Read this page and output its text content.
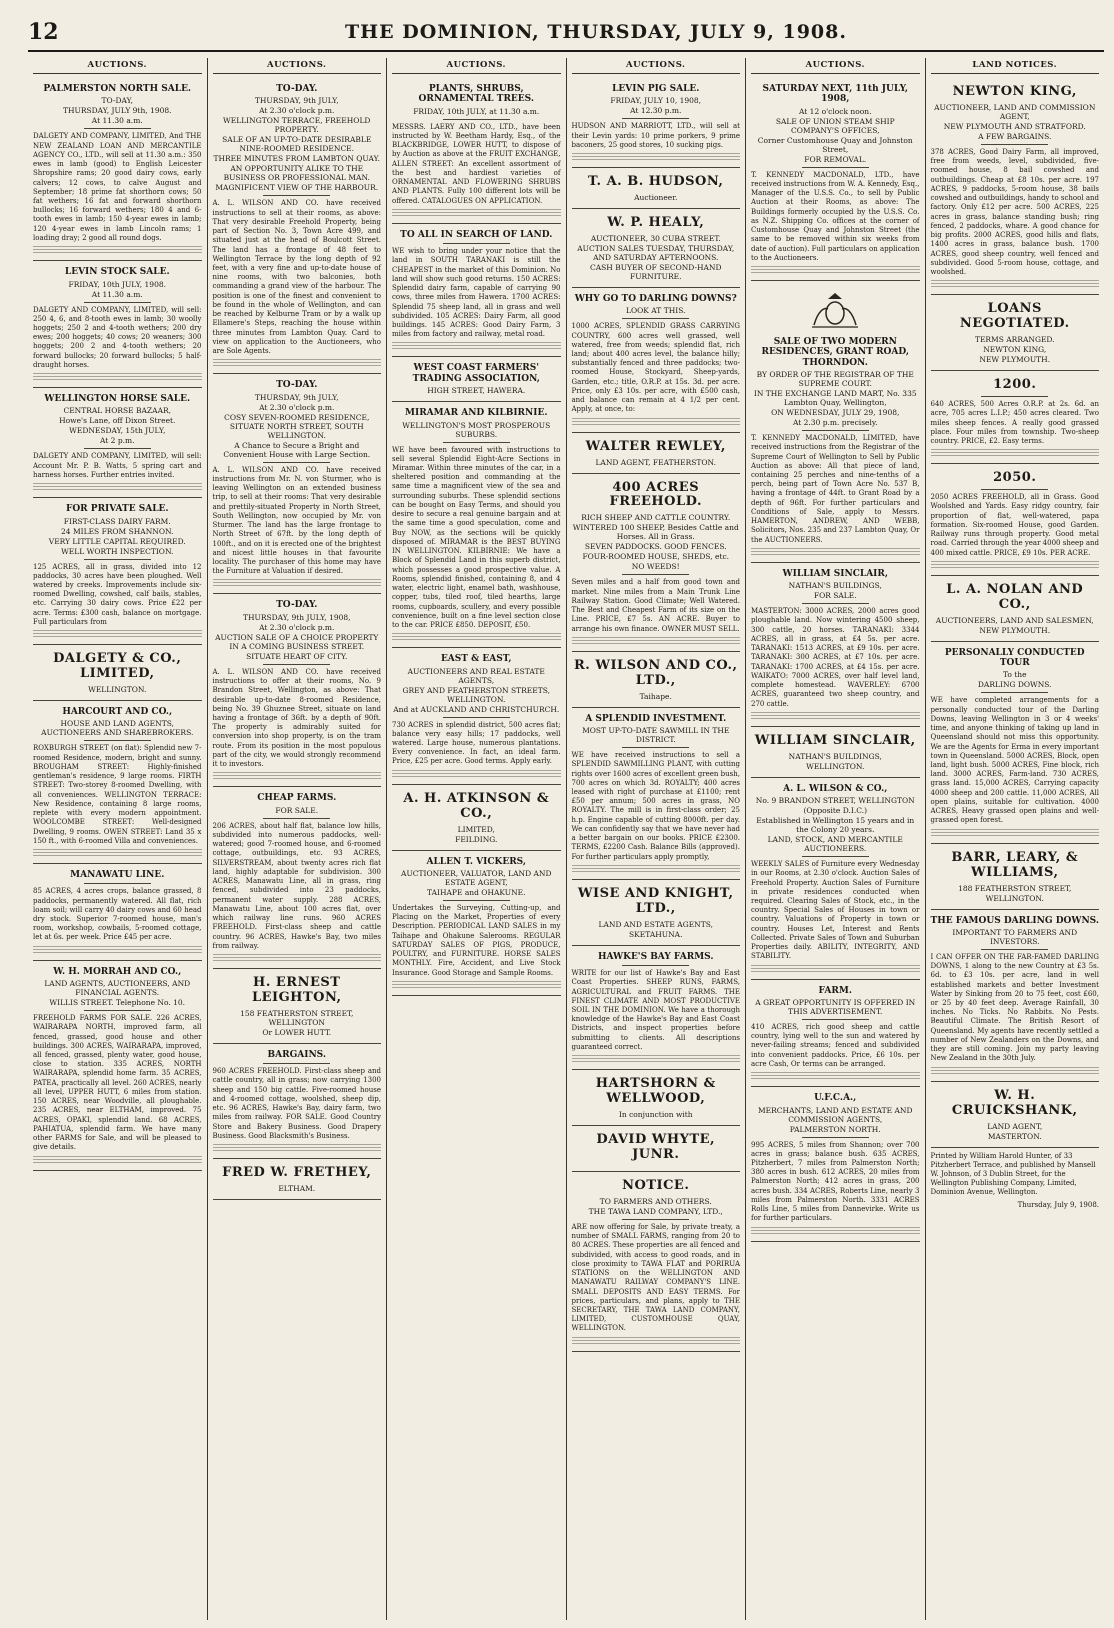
12	THE DOMINION, THURSDAY, JULY 9, 1908.
AUCTIONS.
PALMERSTON NORTH SALE.
TO-DAY,
THURSDAY, JULY 9th, 1908.
At 11.30 a.m.

DALGETY AND COMPANY, LIMITED, And THE NEW ZEALAND LOAN AND MERCANTILE AGENCY CO., LTD., will sell at 11.30 a.m.: 350 ewes in lamb (good) to English Leicester Shropshire rams; 20 good dairy cows, early calvers; 12 cows, to calve August and September; 18 prime fat shorthorn cows; 50 fat wethers; 16 fat and forward shorthorn bullocks; 16 forward wethers; 180 4 and 6-tooth ewes in lamb; 150 4-year ewes in lamb; 120 4-year ewes in lamb Lincoln rams; 1 loading dray; 2 good all round dogs.

LEVIN STOCK SALE.
FRIDAY, 10th JULY, 1908.
At 11.30 a.m.

DALGETY AND COMPANY, LIMITED, will sell: 250 4, 6, and 8-tooth ewes in lamb; 30 woolly hoggets; 250 2 and 4-tooth wethers; 200 dry ewes; 200 hoggets; 40 cows; 20 weaners; 300 hoggets; 200 2 and 4-tooth wethers; 20 forward bullocks; 20 forward bullocks; 5 half-draught horses.

WELLINGTON HORSE SALE.
CENTRAL HORSE BAZAAR,
Howe's Lane, off Dixon Street.
WEDNESDAY, 15th JULY,
At 2 p.m.

DALGETY AND COMPANY, LIMITED, will sell: Account Mr. P. B. Watts, 5 spring cart and harness horses. Further entries invited.

FOR PRIVATE SALE.
FIRST-CLASS DAIRY FARM.
24 MILES FROM SHANNON.
VERY LITTLE CAPITAL REQUIRED.
WELL WORTH INSPECTION.

125 ACRES, all in grass, divided into 12 paddocks, 30 acres have been ploughed. Well watered by creeks. Improvements include six-roomed Dwelling, cowshed, calf bails, stables, etc. Carrying 30 dairy cows. Price £22 per acre. Terms: £300 cash, balance on mortgage. Full particulars from

DALGETY & CO., LIMITED,
WELLINGTON.
HARCOURT AND CO.,
HOUSE AND LAND AGENTS, AUCTIONEERS AND SHAREBROKERS.

ROXBURGH STREET (on flat): Splendid new 7-roomed Residence, modern, bright and sunny. BROUGHAM STREET: Highly-finished gentleman's residence, 9 large rooms. FIRTH STREET: Two-storey 8-roomed Dwelling, with all conveniences. WELLINGTON TERRACE: New Residence, containing 8 large rooms, replete with every modern appointment. WOOLCOMBE STREET: Well-designed Dwelling, 9 rooms. OWEN STREET: Land 35 x 150 ft., with 6-roomed Villa and conveniences.

MANAWATU LINE.

85 ACRES, 4 acres crops, balance grassed, 8 paddocks, permanently watered. All flat, rich loam soil; will carry 40 dairy cows and 60 head dry stock. Superior 7-roomed house, man's room, workshop, cowbails, 5-roomed cottage, let at 6s. per week. Price £45 per acre.

W. H. MORRAH AND CO.,
LAND AGENTS, AUCTIONEERS, AND FINANCIAL AGENTS.
WILLIS STREET. Telephone No. 10.

FREEHOLD FARMS FOR SALE. 226 ACRES, WAIRARAPA NORTH, improved farm, all fenced, grassed, good house and other buildings. 300 ACRES, WAIRARAPA, improved, all fenced, grassed, plenty water, good house, close to station. 335 ACRES, NORTH WAIRARAPA, splendid home farm. 35 ACRES, PATEA, practically all level. 260 ACRES, nearly all level, UPPER HUTT, 6 miles from station. 150 ACRES, near Woodville, all ploughable. 235 ACRES, near ELTHAM, improved. 75 ACRES, OPAKI, splendid land. 68 ACRES, PAHIATUA, splendid farm. We have many other FARMS for Sale, and will be pleased to give details.

AUCTIONS.
TO-DAY.
THURSDAY, 9th JULY,
At 2.30 o'clock p.m.
WELLINGTON TERRACE, FREEHOLD PROPERTY.
SALE OF AN UP-TO-DATE DESIRABLE NINE-ROOMED RESIDENCE.
THREE MINUTES FROM LAMBTON QUAY.
AN OPPORTUNITY ALIKE TO THE BUSINESS OR PROFESSIONAL MAN.
MAGNIFICENT VIEW OF THE HARBOUR.

A. L. WILSON AND CO. have received instructions to sell at their rooms, as above: That very desirable Freehold Property, being part of Section No. 3, Town Acre 499, and situated just at the head of Boulcott Street. The land has a frontage of 48 feet to Wellington Terrace by the long depth of 92 feet, with a very fine and up-to-date house of nine rooms, with two balconies, both commanding a grand view of the harbour. The position is one of the finest and convenient to be found in the whole of Wellington, and can be reached by Kelburne Tram or by a walk up Ellamere's Steps, reaching the house within three minutes from Lambton Quay. Card to view on application to the Auctioneers, who are Sole Agents.

TO-DAY.
THURSDAY, 9th JULY,
At 2.30 o'clock p.m.
COSY SEVEN-ROOMED RESIDENCE, SITUATE NORTH STREET, SOUTH WELLINGTON.
A Chance to Secure a Bright and Convenient House with Large Section.

A. L. WILSON AND CO. have received instructions from Mr. N. von Sturmer, who is leaving Wellington on an extended business trip, to sell at their rooms: That very desirable and prettily-situated Property in North Street, South Wellington, now occupied by Mr. von Sturmer. The land has the large frontage to North Street of 67ft. by the long depth of 100ft., and on it is erected one of the brightest and nicest little houses in that favourite locality. The purchaser of this home may have the Furniture at Valuation if desired.

TO-DAY.
THURSDAY, 9th JULY, 1908,
At 2.30 o'clock p.m.
AUCTION SALE OF A CHOICE PROPERTY IN A COMING BUSINESS STREET.
SITUATE HEART OF CITY.

A. L. WILSON AND CO. have received instructions to offer at their rooms, No. 9 Brandon Street, Wellington, as above: That desirable up-to-date 8-roomed Residence, being No. 39 Ghuznee Street, situate on land having a frontage of 36ft. by a depth of 90ft. The property is admirably suited for conversion into shop property, is on the tram route. From its position in the most populous part of the city, we would strongly recommend it to investors.

CHEAP FARMS.
FOR SALE.

206 ACRES, about half flat, balance low hills, subdivided into numerous paddocks, well-watered; good 7-roomed house, and 6-roomed cottage, outbuildings, etc. 93 ACRES, SILVERSTREAM, about twenty acres rich flat land, highly adaptable for subdivision. 300 ACRES, Manawatu Line, all in grass, ring fenced, subdivided into 23 paddocks, permanent water supply. 288 ACRES, Manawatu Line, about 100 acres flat, over which railway line runs. 960 ACRES FREEHOLD. First-class sheep and cattle country. 96 ACRES, Hawke's Bay, two miles from railway.

H. ERNEST LEIGHTON,
158 FEATHERSTON STREET, WELLINGTON
Or LOWER HUTT.
BARGAINS.

960 ACRES FREEHOLD. First-class sheep and cattle country, all in grass; now carrying 1300 sheep and 150 big cattle. Five-roomed house and 4-roomed cottage, woolshed, sheep dip, etc. 96 ACRES, Hawke's Bay, dairy farm, two miles from railway. FOR SALE. Good Country Store and Bakery Business. Good Drapery Business. Good Blacksmith's Business.

FRED W. FRETHEY,
ELTHAM.
AUCTIONS.
PLANTS, SHRUBS, ORNAMENTAL TREES.
FRIDAY, 10th JULY, at 11.30 a.m.

MESSRS. LAERY AND CO., LTD., have been instructed by W. Beetham Hardy, Esq., of the BLACKBRIDGE, LOWER HUTT, to dispose of by Auction as above at the FRUIT EXCHANGE, ALLEN STREET: An excellent assortment of the best and hardiest varieties of ORNAMENTAL AND FLOWERING SHRUBS AND PLANTS. Fully 100 different lots will be offered. CATALOGUES ON APPLICATION.

TO ALL IN SEARCH OF LAND.

WE wish to bring under your notice that the land in SOUTH TARANAKI is still the CHEAPEST in the market of this Dominion. No land will show such good returns. 150 ACRES: Splendid dairy farm, capable of carrying 90 cows, three miles from Hawera. 1700 ACRES: Splendid 75 sheep land, all in grass and well subdivided. 105 ACRES: Dairy Farm, all good buildings. 145 ACRES: Good Dairy Farm, 3 miles from factory and railway, metal road.

WEST COAST FARMERS' TRADING ASSOCIATION,
HIGH STREET, HAWERA.
MIRAMAR AND KILBIRNIE.
WELLINGTON'S MOST PROSPEROUS SUBURBS.

WE have been favoured with instructions to sell several Splendid Eight-Acre Sections in Miramar. Within three minutes of the car, in a sheltered position and commanding at the same time a magnificent view of the sea and surrounding suburbs. These splendid sections can be bought on Easy Terms, and should you desire to secure a real genuine bargain and at the same time a good speculation, come and Buy NOW, as the sections will be quickly disposed of. MIRAMAR is the BEST BUYING IN WELLINGTON. KILBIRNIE: We have a Block of Splendid Land in this superb district, which possesses a good prospective value. A Rooms, splendid finished, containing 8, and 4 water, electric light, enamel bath, washhouse, copper, tubs, tiled roof, tiled hearths, large rooms, cupboards, scullery, and every possible convenience, built on a fine level section close to the car. PRICE £850. DEPOSIT, £50.

EAST & EAST,
AUCTIONEERS AND REAL ESTATE AGENTS,
GREY AND FEATHERSTON STREETS, WELLINGTON.
And at AUCKLAND AND CHRISTCHURCH.

730 ACRES in splendid district, 500 acres flat; balance very easy hills; 17 paddocks, well watered. Large house, numerous plantations. Every convenience. In fact, an ideal farm. Price, £25 per acre. Good terms. Apply early.

A. H. ATKINSON & CO.,
LIMITED,
FEILDING.
ALLEN T. VICKERS,
AUCTIONEER, VALUATOR, LAND AND ESTATE AGENT,
TAIHAPE and OHAKUNE.

Undertakes the Surveying, Cutting-up, and Placing on the Market, Properties of every Description. PERIODICAL LAND SALES in my Taihape and Ohakune Salerooms. REGULAR SATURDAY SALES OF PIGS, PRODUCE, POULTRY, and FURNITURE. HORSE SALES MONTHLY. Fire, Accident, and Live Stock Insurance. Good Storage and Sample Rooms.

AUCTIONS.
LEVIN PIG SALE.
FRIDAY, JULY 10, 1908,
At 12.30 p.m.

HUDSON AND MARRIOTT, LTD., will sell at their Levin yards: 10 prime porkers, 9 prime baconers, 25 good stores, 10 sucking pigs.

T. A. B. HUDSON,
Auctioneer.
W. P. HEALY,
AUCTIONEER, 30 CUBA STREET.
AUCTION SALES TUESDAY, THURSDAY, AND SATURDAY AFTERNOONS.
CASH BUYER OF SECOND-HAND FURNITURE.
WHY GO TO DARLING DOWNS?
LOOK AT THIS.

1000 ACRES, SPLENDID GRASS CARRYING COUNTRY, 600 acres well grassed, well watered, free from weeds; splendid flat, rich land; about 400 acres level, the balance hilly; substantially fenced and three paddocks; two-roomed House, Stockyard, Sheep-yards, Garden, etc.; title, O.R.P. at 15s. 3d. per acre. Price, only £3 10s. per acre, with £500 cash, and balance can remain at 4 1/2 per cent. Apply, at once, to:

WALTER REWLEY,
LAND AGENT, FEATHERSTON.
400 ACRES FREEHOLD.
RICH SHEEP AND CATTLE COUNTRY.
WINTERED 100 SHEEP, Besides Cattle and Horses. All in Grass.
SEVEN PADDOCKS. GOOD FENCES.
FOUR-ROOMED HOUSE, SHEDS, etc.
NO WEEDS!

Seven miles and a half from good town and market. Nine miles from a Main Trunk Line Railway Station. Good Climate; Well Watered. The Best and Cheapest Farm of its size on the Line. PRICE, £7 5s. AN ACRE. Buyer to arrange his own finance. OWNER MUST SELL.

R. WILSON AND CO., LTD.,
Taihape.
A SPLENDID INVESTMENT.
MOST UP-TO-DATE SAWMILL IN THE DISTRICT.

WE have received instructions to sell a SPLENDID SAWMILLING PLANT, with cutting rights over 1600 acres of excellent green bush, 700 acres on which 3d. ROYALTY; 400 acres leased with right of purchase at £1100; rent £50 per annum; 500 acres in grass, NO ROYALTY. The mill is in first-class order; 25 h.p. Engine capable of cutting 8000ft. per day. We can confidently say that we have never had a better bargain on our books. PRICE £2300. TERMS, £2200 Cash. Balance Bills (approved). For further particulars apply promptly,

WISE AND KNIGHT, LTD.,
LAND AND ESTATE AGENTS,
SKETAHUNA.
HAWKE'S BAY FARMS.

WRITE for our list of Hawke's Bay and East Coast Properties. SHEEP RUNS, FARMS, AGRICULTURAL and FRUIT FARMS. THE FINEST CLIMATE AND MOST PRODUCTIVE SOIL IN THE DOMINION. We have a thorough knowledge of the Hawke's Bay and East Coast Districts, and inspect properties before submitting to clients. All descriptions guaranteed correct.

HARTSHORN & WELLWOOD,
In conjunction with
DAVID WHYTE, JUNR.
NOTICE.
TO FARMERS AND OTHERS.
THE TAWA LAND COMPANY, LTD.,

ARE now offering for Sale, by private treaty, a number of SMALL FARMS, ranging from 20 to 80 ACRES. These properties are all fenced and subdivided, with access to good roads, and in close proximity to TAWA FLAT and PORIRUA STATIONS on the WELLINGTON AND MANAWATU RAILWAY COMPANY'S LINE. SMALL DEPOSITS AND EASY TERMS. For prices, particulars, and plans, apply to THE SECRETARY, THE TAWA LAND COMPANY, LIMITED, CUSTOMHOUSE QUAY, WELLINGTON.

AUCTIONS.
SATURDAY NEXT, 11th JULY, 1908,
At 12 o'clock noon.
SALE OF UNION STEAM SHIP COMPANY'S OFFICES,
Corner Customhouse Quay and Johnston Street,
FOR REMOVAL.

T. KENNEDY MACDONALD, LTD., have received instructions from W. A. Kennedy, Esq., Manager of the U.S.S. Co., to sell by Public Auction at their Rooms, as above: The Buildings formerly occupied by the U.S.S. Co. as N.Z. Shipping Co. offices at the corner of Customhouse Quay and Johnston Street (the same to be removed within six weeks from date of auction). Full particulars on application to the Auctioneers.

SALE OF TWO MODERN RESIDENCES, GRANT ROAD, THORNDON.
BY ORDER OF THE REGISTRAR OF THE SUPREME COURT.
IN THE EXCHANGE LAND MART, No. 335 Lambton Quay, Wellington,
ON WEDNESDAY, JULY 29, 1908,
At 2.30 p.m. precisely.

T. KENNEDY MACDONALD, LIMITED, have received instructions from the Registrar of the Supreme Court of Wellington to Sell by Public Auction as above: All that piece of land, containing 25 perches and nine-tenths of a perch, being part of Town Acre No. 537 B, having a frontage of 44ft. to Grant Road by a depth of 96ft. For further particulars and Conditions of Sale, apply to Messrs. HAMERTON, ANDREW, AND WEBB, Solicitors, Nos. 235 and 237 Lambton Quay, Or the AUCTIONEERS.

WILLIAM SINCLAIR,
NATHAN'S BUILDINGS,
FOR SALE.

MASTERTON: 3000 ACRES, 2000 acres good ploughable land. Now wintering 4500 sheep, 300 cattle, 20 horses. TARANAKI: 3344 ACRES, all in grass, at £4 5s. per acre. TARANAKI: 1513 ACRES, at £9 10s. per acre. TARANAKI: 300 ACRES, at £7 10s. per acre. TARANAKI: 1700 ACRES, at £4 15s. per acre. WAIKATO: 7000 ACRES, over half level land, complete homestead. WAVERLEY: 6700 ACRES, guaranteed two sheep country, and 270 cattle.

WILLIAM SINCLAIR,
NATHAN'S BUILDINGS,
WELLINGTON.
A. L. WILSON & CO.,
No. 9 BRANDON STREET, WELLINGTON
(Opposite D.I.C.)
Established in Wellington 15 years and in the Colony 20 years.
LAND, STOCK, AND MERCANTILE AUCTIONEERS.

WEEKLY SALES of Furniture every Wednesday in our Rooms, at 2.30 o'clock. Auction Sales of Freehold Property. Auction Sales of Furniture in private residences conducted when required. Clearing Sales of Stock, etc., in the country. Special Sales of Houses in town or country. Valuations of Property in town or country. Houses Let, Interest and Rents Collected. Private Sales of Town and Suburban Properties daily. ABILITY, INTEGRITY, AND STABILITY.

FARM.
A GREAT OPPORTUNITY IS OFFERED IN THIS ADVERTISEMENT.

410 ACRES, rich good sheep and cattle country, lying well to the sun and watered by never-failing streams; fenced and subdivided into convenient paddocks. Price, £6 10s. per acre Cash, Or terms can be arranged.

U.F.C.A.,
MERCHANTS, LAND AND ESTATE AND COMMISSION AGENTS,
PALMERSTON NORTH.

995 ACRES, 5 miles from Shannon; over 700 acres in grass; balance bush. 635 ACRES, Pitzherbert, 7 miles from Palmerston North; 380 acres in bush. 612 ACRES, 20 miles from Palmerston North; 412 acres in grass, 200 acres bush. 334 ACRES, Roberts Line, nearly 3 miles from Palmerston North. 3331 ACRES Rolls Line, 5 miles from Dannevirke. Write us for further particulars.

LAND NOTICES.
NEWTON KING,
AUCTIONEER, LAND AND COMMISSION AGENT,
NEW PLYMOUTH AND STRATFORD.
A FEW BARGAINS.

378 ACRES, Good Dairy Farm, all improved, free from weeds, level, subdivided, five-roomed house, 8 bail cowshed and outbuildings. Cheap at £8 10s. per acre. 197 ACRES, 9 paddocks, 5-room house, 38 bails cowshed and outbuildings, handy to school and factory. Only £12 per acre. 500 ACRES, 225 acres in grass, balance standing bush; ring fenced, 2 paddocks, whare. A good chance for big profits. 2000 ACRES, good hills and flats, 1400 acres in grass, balance bush. 1700 ACRES, good sheep country, well fenced and subdivided. Good 5-room house, cottage, and woolshed.

LOANS NEGOTIATED.
TERMS ARRANGED.
NEWTON KING,
NEW PLYMOUTH.
1200.

640 ACRES, 500 Acres O.R.P. at 2s. 6d. an acre, 705 acres L.I.P.; 450 acres cleared. Two miles sheep fences. A really good grassed place. Four miles from township. Two-sheep country. PRICE, £2. Easy terms.

2050.

2050 ACRES FREEHOLD, all in Grass. Good Woolshed and Yards. Easy ridgy country, fair proportion of flat, well-watered, papa formation. Six-roomed House, good Garden. Railway runs through property. Good metal road. Carried through the year 4000 sheep and 400 mixed cattle. PRICE, £9 10s. PER ACRE.

L. A. NOLAN AND CO.,
AUCTIONEERS, LAND AND SALESMEN,
NEW PLYMOUTH.
PERSONALLY CONDUCTED TOUR
To the
DARLING DOWNS.

WE have completed arrangements for a personally conducted tour of the Darling Downs, leaving Wellington in 3 or 4 weeks' time, and anyone thinking of taking up land in Queensland should not miss this opportunity. We are the Agents for Erma in every important town in Queensland. 5000 ACRES, Block, open land, light bush. 5000 ACRES, Fine block, rich land. 3000 ACRES, Farm-land. 730 ACRES, grass land. 15,000 ACRES, Carrying capacity 4000 sheep and 200 cattle. 11,000 ACRES, All open plains, suitable for cultivation. 4000 ACRES, Heavy grassed open plains and well-grassed open forest.

BARR, LEARY, & WILLIAMS,
188 FEATHERSTON STREET,
WELLINGTON.
THE FAMOUS DARLING DOWNS.
IMPORTANT TO FARMERS AND INVESTORS.

I CAN OFFER ON THE FAR-FAMED DARLING DOWNS, 1 along to the new Country at £3 5s. 6d. to £3 10s. per acre, land in well established markets and better Investment Water by Sinking from 20 to 75 feet, cost £60, or 25 by 40 feet deep. Average Rainfall, 30 inches. No Ticks. No Rabbits. No Pests. Beautiful Climate. The British Resort of Queensland. My agents have recently settled a number of New Zealanders on the Downs, and they are still coming. Join my party leaving New Zealand in the 30th July.

W. H. CRUICKSHANK,
LAND AGENT,
MASTERTON.
Printed by William Harold Hunter, of 33 Pitzherbert Terrace, and published by Mansell W. Johnson, of 3 Dublin Street, for the Wellington Publishing Company, Limited, Dominion Avenue, Wellington.
Thursday, July 9, 1908.
